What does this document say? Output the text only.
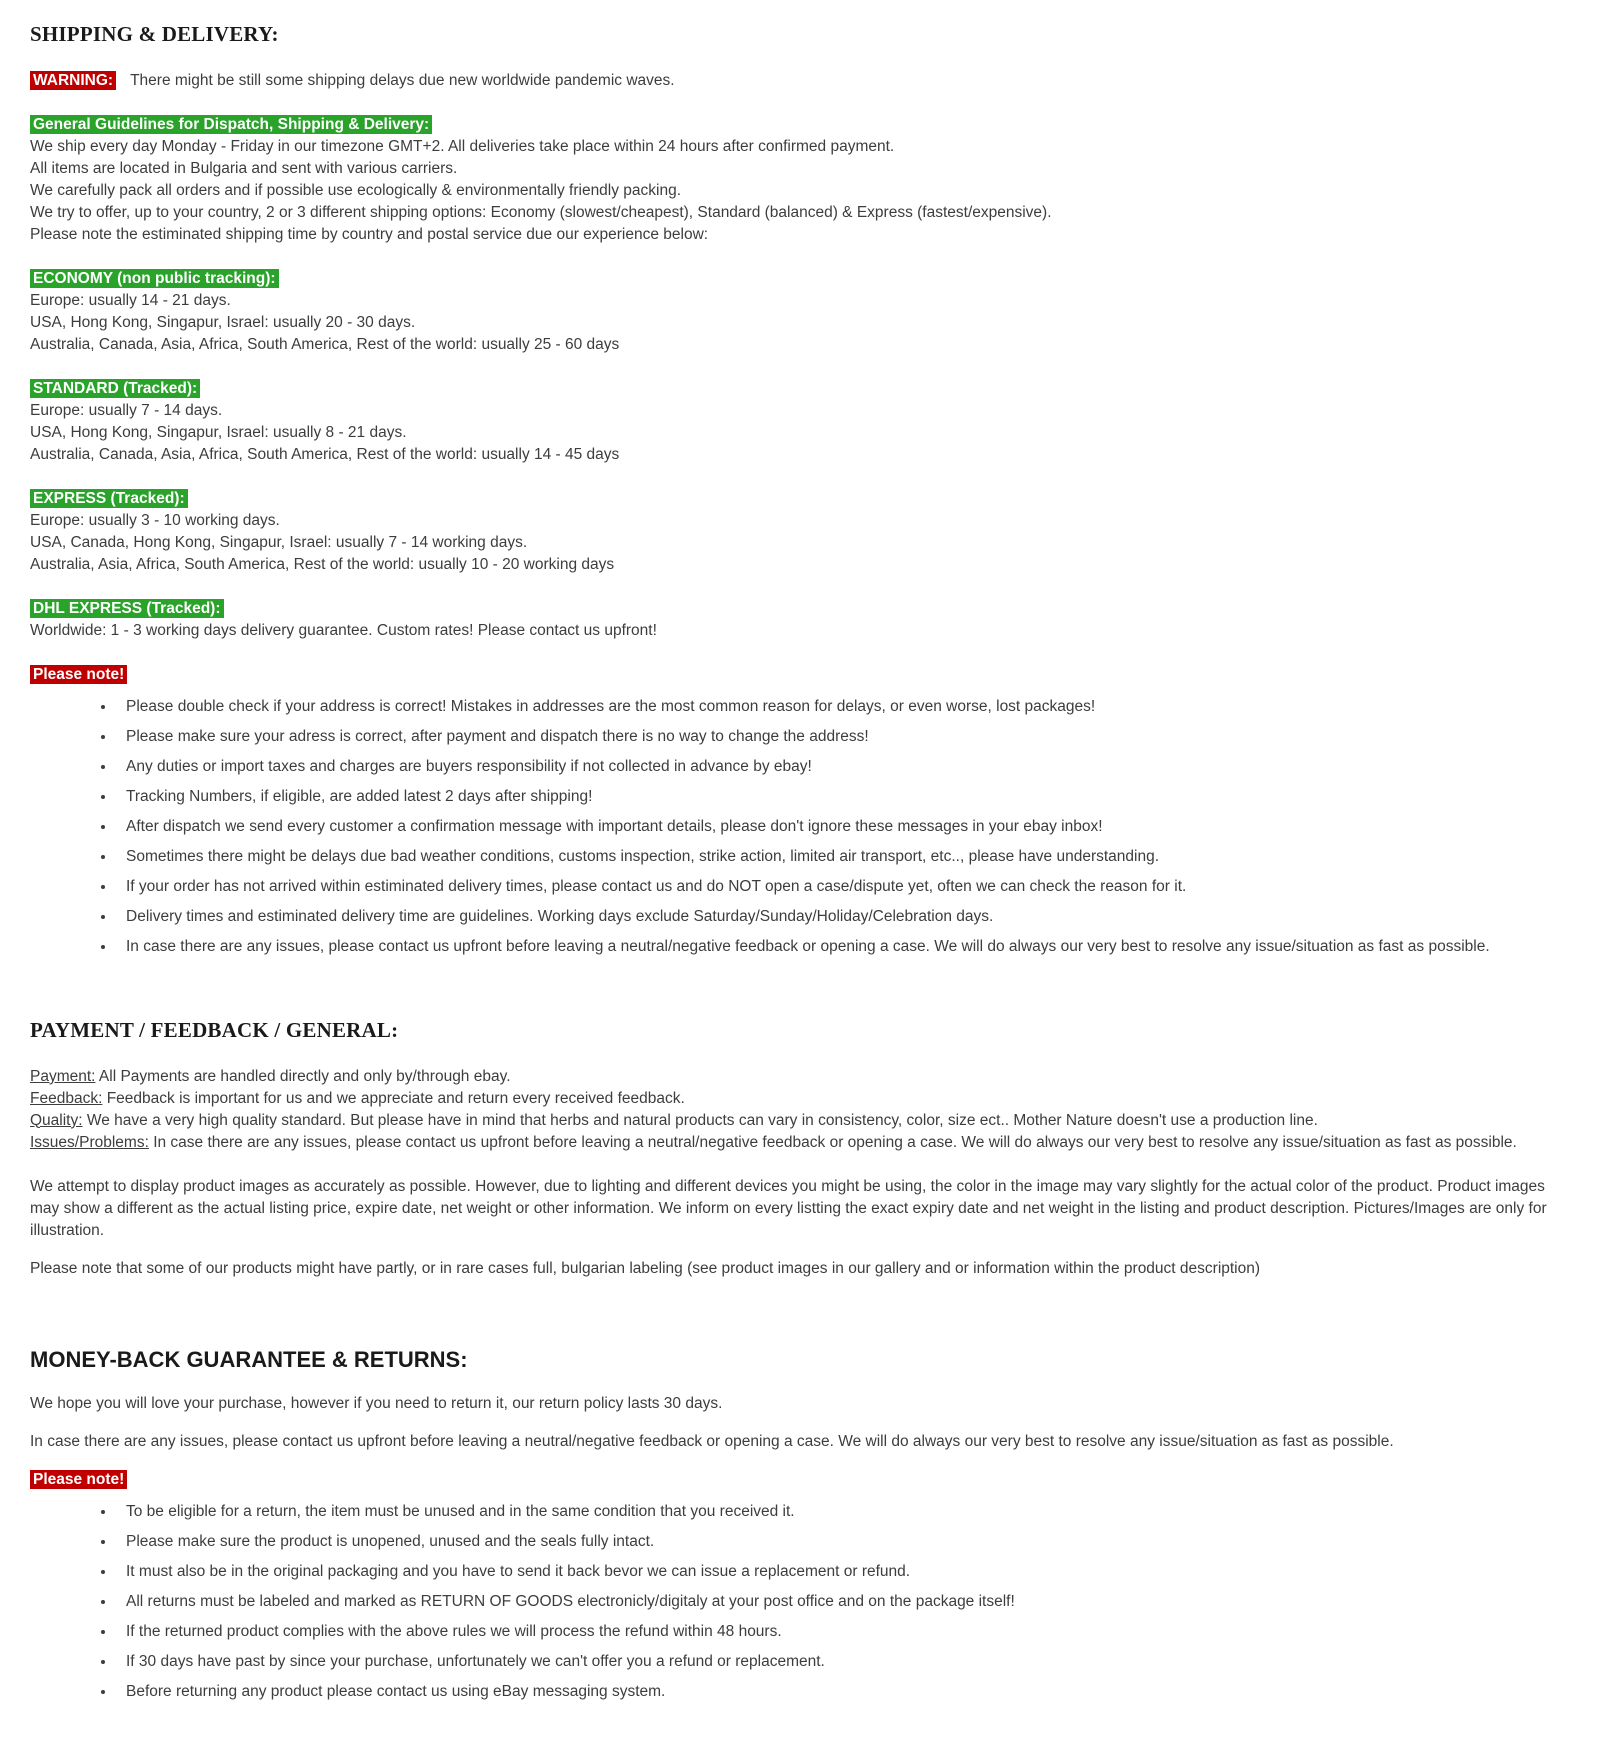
SHIPPING & DELIVERY:
WARNING: There might be still some shipping delays due new worldwide pandemic waves.
General Guidelines for Dispatch, Shipping & Delivery:
We ship every day Monday - Friday in our timezone GMT+2. All deliveries take place within 24 hours after confirmed payment.
All items are located in Bulgaria and sent with various carriers.
We carefully pack all orders and if possible use ecologically & environmentally friendly packing.
We try to offer, up to your country, 2 or 3 different shipping options: Economy (slowest/cheapest), Standard (balanced) & Express (fastest/expensive).
Please note the estiminated shipping time by country and postal service due our experience below:
ECONOMY (non public tracking):
Europe: usually 14 - 21 days.
USA, Hong Kong, Singapur, Israel: usually 20 - 30 days.
Australia, Canada, Asia, Africa, South America, Rest of the world: usually 25 - 60 days
STANDARD (Tracked):
Europe: usually 7 - 14 days.
USA, Hong Kong, Singapur, Israel: usually 8 - 21 days.
Australia, Canada, Asia, Africa, South America, Rest of the world: usually 14 - 45 days
EXPRESS (Tracked):
Europe: usually 3 - 10 working days.
USA, Canada, Hong Kong, Singapur, Israel: usually 7 - 14 working days.
Australia, Asia, Africa, South America, Rest of the world: usually 10 - 20 working days
DHL EXPRESS (Tracked):
Worldwide: 1 - 3 working days delivery guarantee. Custom rates! Please contact us upfront!
Please note!
• Please double check if your address is correct! Mistakes in addresses are the most common reason for delays, or even worse, lost packages!
• Please make sure your adress is correct, after payment and dispatch there is no way to change the address!
• Any duties or import taxes and charges are buyers responsibility if not collected in advance by ebay!
• Tracking Numbers, if eligible, are added latest 2 days after shipping!
• After dispatch we send every customer a confirmation message with important details, please don't ignore these messages in your ebay inbox!
• Sometimes there might be delays due bad weather conditions, customs inspection, strike action, limited air transport, etc.., please have understanding.
• If your order has not arrived within estiminated delivery times, please contact us and do NOT open a case/dispute yet, often we can check the reason for it.
• Delivery times and estiminated delivery time are guidelines. Working days exclude Saturday/Sunday/Holiday/Celebration days.
• In case there are any issues, please contact us upfront before leaving a neutral/negative feedback or opening a case. We will do always our very best to resolve any issue/situation as fast as possible.
PAYMENT / FEEDBACK / GENERAL:
Payment: All Payments are handled directly and only by/through ebay.
Feedback: Feedback is important for us and we appreciate and return every received feedback.
Quality: We have a very high quality standard. But please have in mind that herbs and natural products can vary in consistency, color, size ect.. Mother Nature doesn't use a production line.
Issues/Problems: In case there are any issues, please contact us upfront before leaving a neutral/negative feedback or opening a case. We will do always our very best to resolve any issue/situation as fast as possible.
We attempt to display product images as accurately as possible. However, due to lighting and different devices you might be using, the color in the image may vary slightly for the actual color of the product. Product images may show a different as the actual listing price, expire date, net weight or other information. We inform on every listting the exact expiry date and net weight in the listing and product description. Pictures/Images are only for illustration.
Please note that some of our products might have partly, or in rare cases full, bulgarian labeling (see product images in our gallery and or information within the product description)
MONEY-BACK GUARANTEE & RETURNS:
We hope you will love your purchase, however if you need to return it, our return policy lasts 30 days.
In case there are any issues, please contact us upfront before leaving a neutral/negative feedback or opening a case. We will do always our very best to resolve any issue/situation as fast as possible.
Please note!
• To be eligible for a return, the item must be unused and in the same condition that you received it.
• Please make sure the product is unopened, unused and the seals fully intact.
• It must also be in the original packaging and you have to send it back bevor we can issue a replacement or refund.
• All returns must be labeled and marked as RETURN OF GOODS electronicly/digitaly at your post office and on the package itself!
• If the returned product complies with the above rules we will process the refund within 48 hours.
• If 30 days have past by since your purchase, unfortunately we can't offer you a refund or replacement.
• Before returning any product please contact us using eBay messaging system.
